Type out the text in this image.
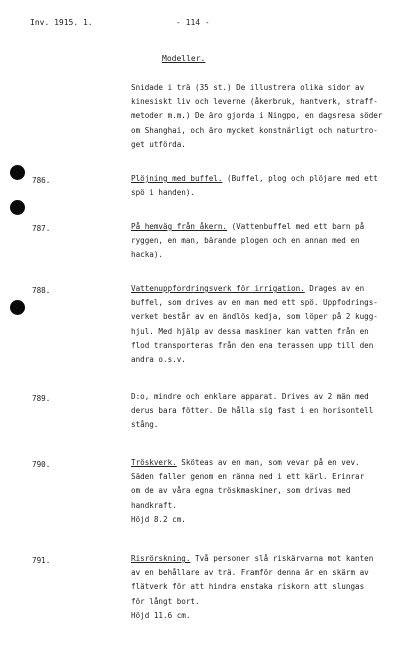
Inv. 1915. 1.	- 114 -
Modeller.

Snidade i trä (35 st.) De illustrera olika sidor av
kinesiskt liv och leverne (åkerbruk, hantverk, straff-
metoder m.m.) De äro gjorda i Ningpo, en dagsresa söder
om Shanghai, och äro mycket konstnärligt och naturtro-
get utförda.

786.	Plöjning med buffel. (Buffel, plog och plöjare med ett
spö i handen).

787.	På hemväg från åkern. (Vattenbuffel med ett barn på
ryggen, en man, bärande plogen och en annan med en
hacka).

788.	Vattenuppfordringsverk för irrigation. Drages av en
buffel, som drives av en man med ett spö. Uppfodrings-
verket består av en ändlös kedja, som löper på 2 kugg-
hjul. Med hjälp av dessa maskiner kan vatten från en
flod transporteras från den ena terassen upp till den
andra o.s.v.

789.	D:o, mindre och enklare apparat. Drives av 2 män med
derus bara fötter. De hålla sig fast i en horisontell
stång.

790.	Tröskverk. Sköteas av en man, som vevar på en vev.
Säden faller genom en ränna ned i ett kärl. Erinrar
om de av våra egna tröskmaskiner, som drivas med
handkraft.
Höjd 8.2 cm.

791.	Risrörskning. Två personer slå riskärvarna mot kanten
av en behållare av trä. Framför denna är en skärm av
flätverk för att hindra enstaka riskorn att slungas
för långt bort.
Höjd 11.6 cm.
